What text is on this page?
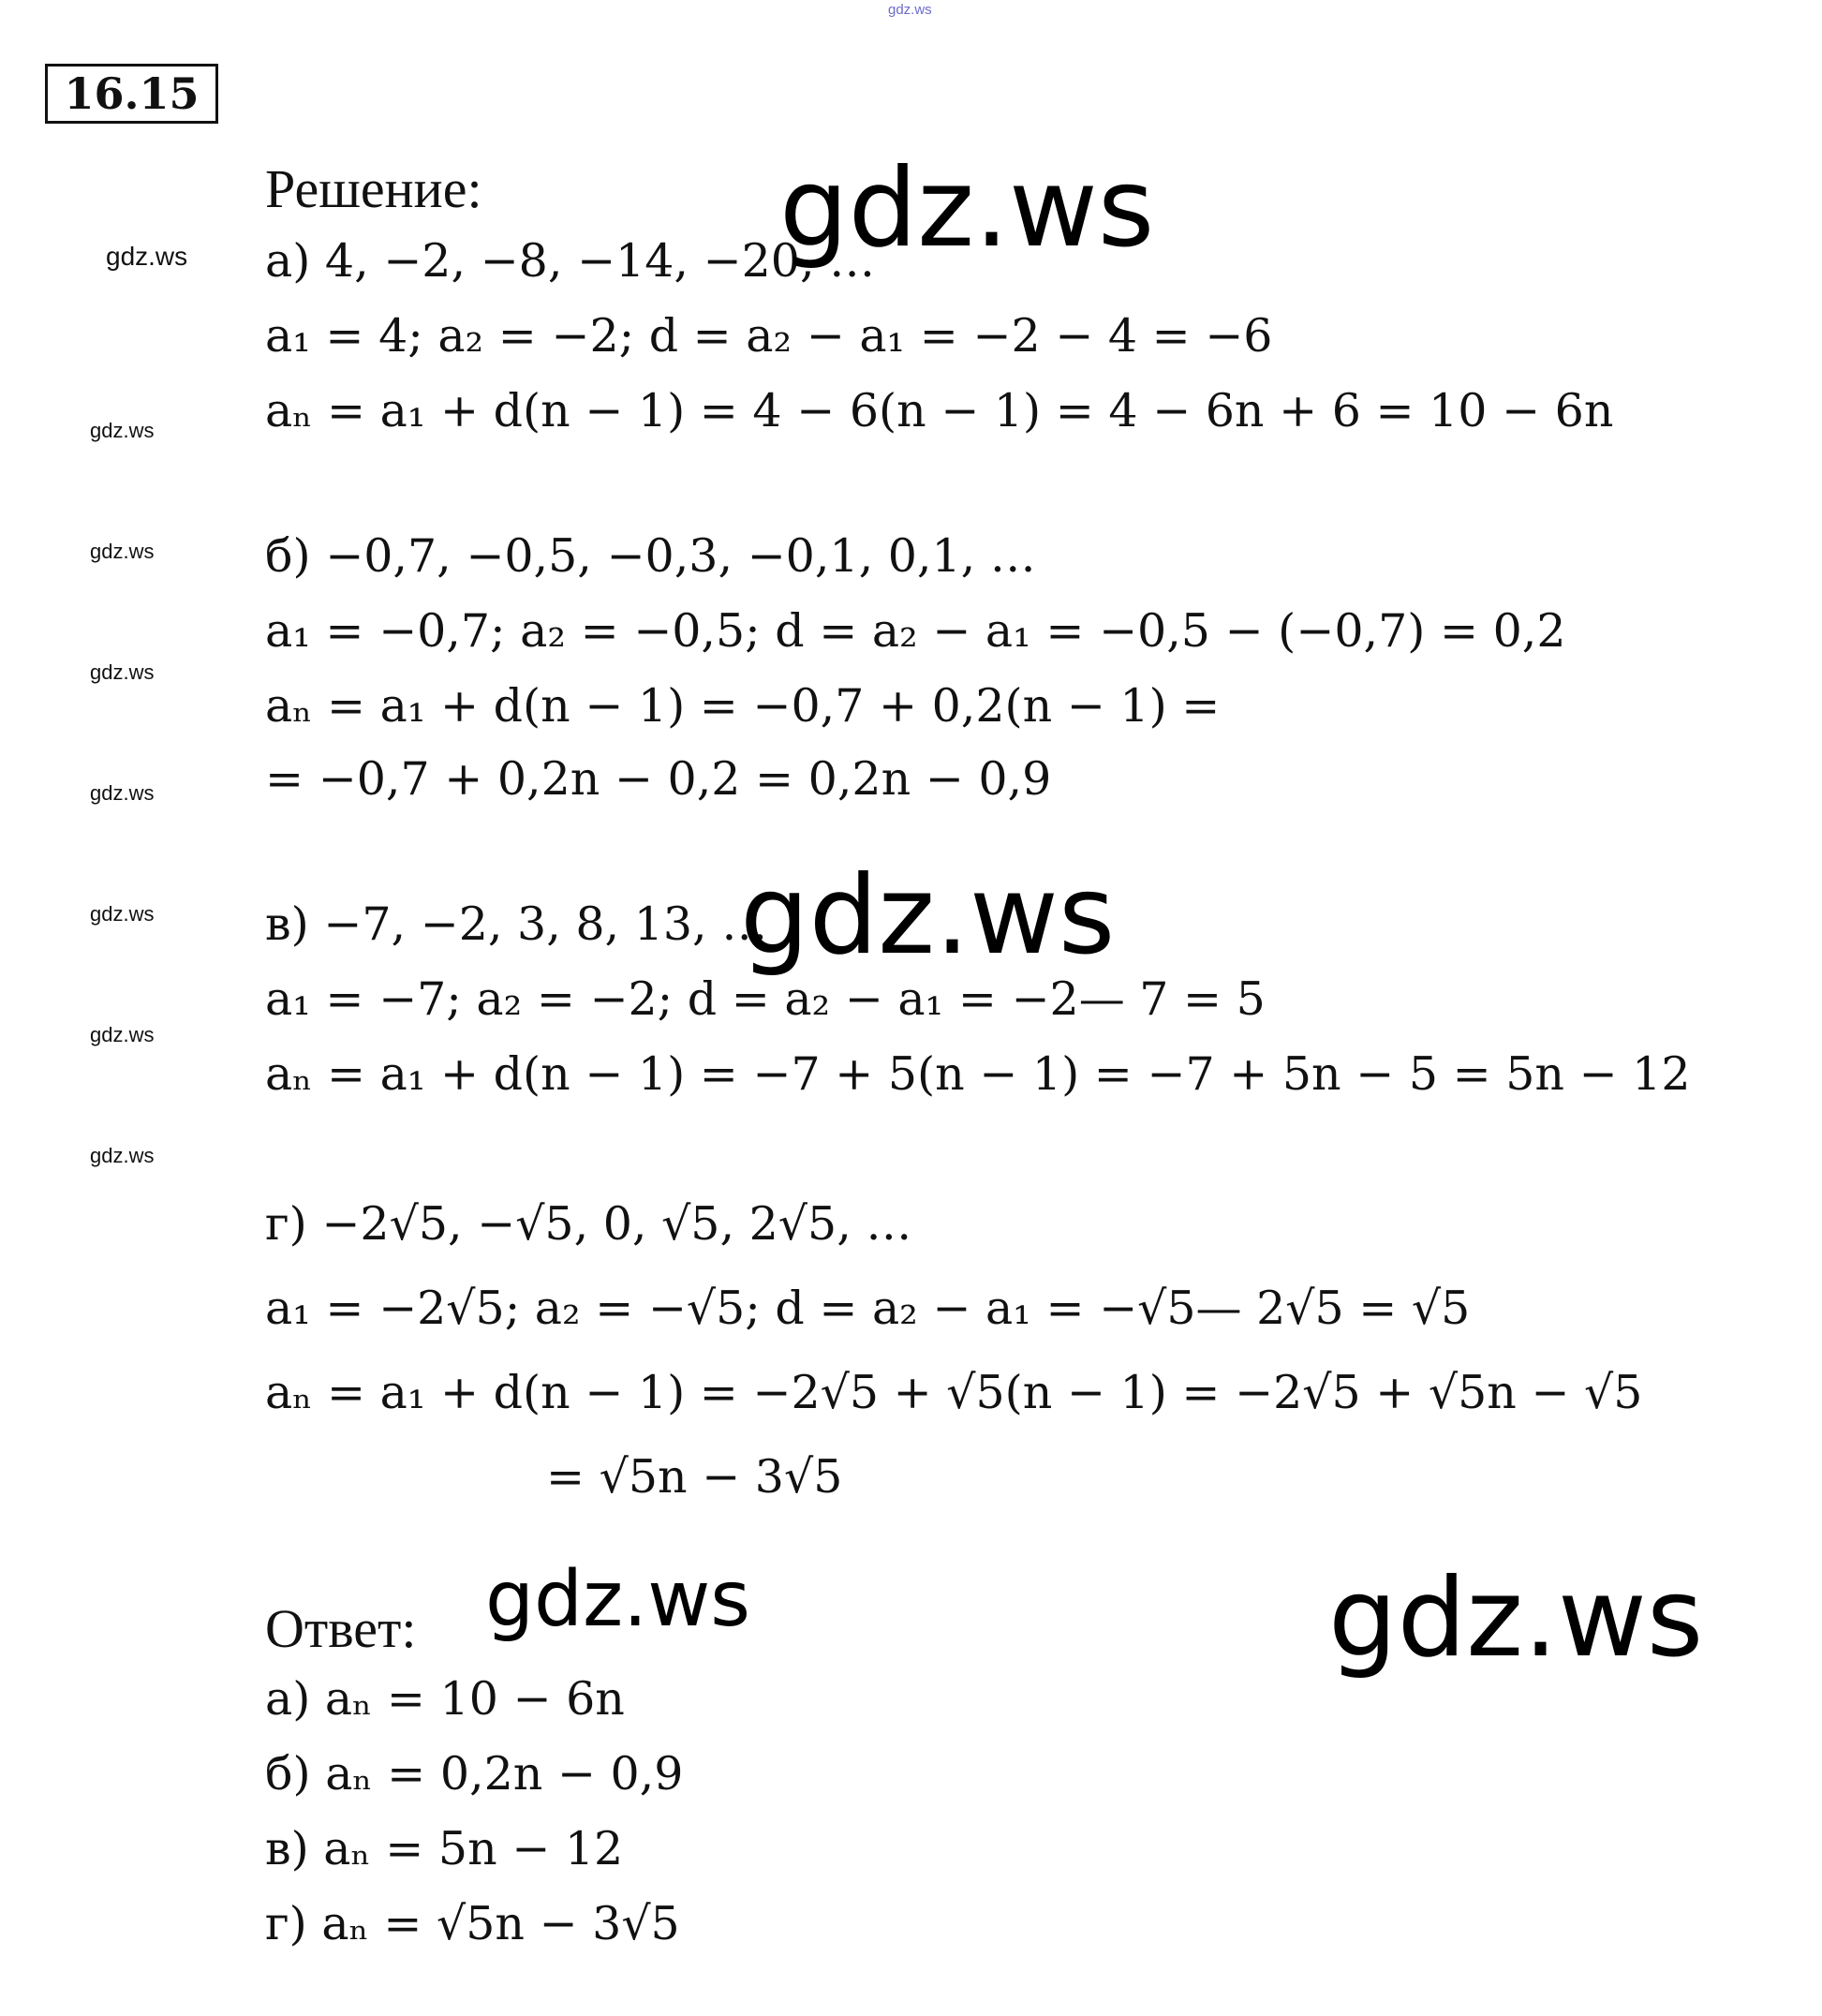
gdz.ws
16.15
Решение:
а) 4, −2, −8, −14, −20, …
a₁ = 4; a₂ = −2; d = a₂ − a₁ = −2 − 4 = −6
aₙ = a₁ + d(n − 1) = 4 − 6(n − 1) = 4 − 6n + 6 = 10 − 6n
б) −0,7, −0,5, −0,3, −0,1, 0,1, …
a₁ = −0,7; a₂ = −0,5; d = a₂ − a₁ = −0,5 − (−0,7) = 0,2
aₙ = a₁ + d(n − 1) = −0,7 + 0,2(n − 1) =
= −0,7 + 0,2n − 0,2 = 0,2n − 0,9
в) −7, −2, 3, 8, 13, …
a₁ = −7; a₂ = −2; d = a₂ − a₁ = −2— 7 = 5
aₙ = a₁ + d(n − 1) = −7 + 5(n − 1) = −7 + 5n − 5 = 5n − 12
г) −2√5, −√5, 0, √5, 2√5, …
a₁ = −2√5; a₂ = −√5; d = a₂ − a₁ = −√5— 2√5 = √5
aₙ = a₁ + d(n − 1) = −2√5 + √5(n − 1) = −2√5 + √5n − √5
= √5n − 3√5
Ответ:
а) aₙ = 10 − 6n
б) aₙ = 0,2n − 0,9
в) aₙ = 5n − 12
г) aₙ = √5n − 3√5
gdz.ws
gdz.ws
gdz.ws	gdz.ws
gdz.ws
gdz.ws
gdz.ws
gdz.ws
gdz.ws
gdz.ws
gdz.ws
gdz.ws
